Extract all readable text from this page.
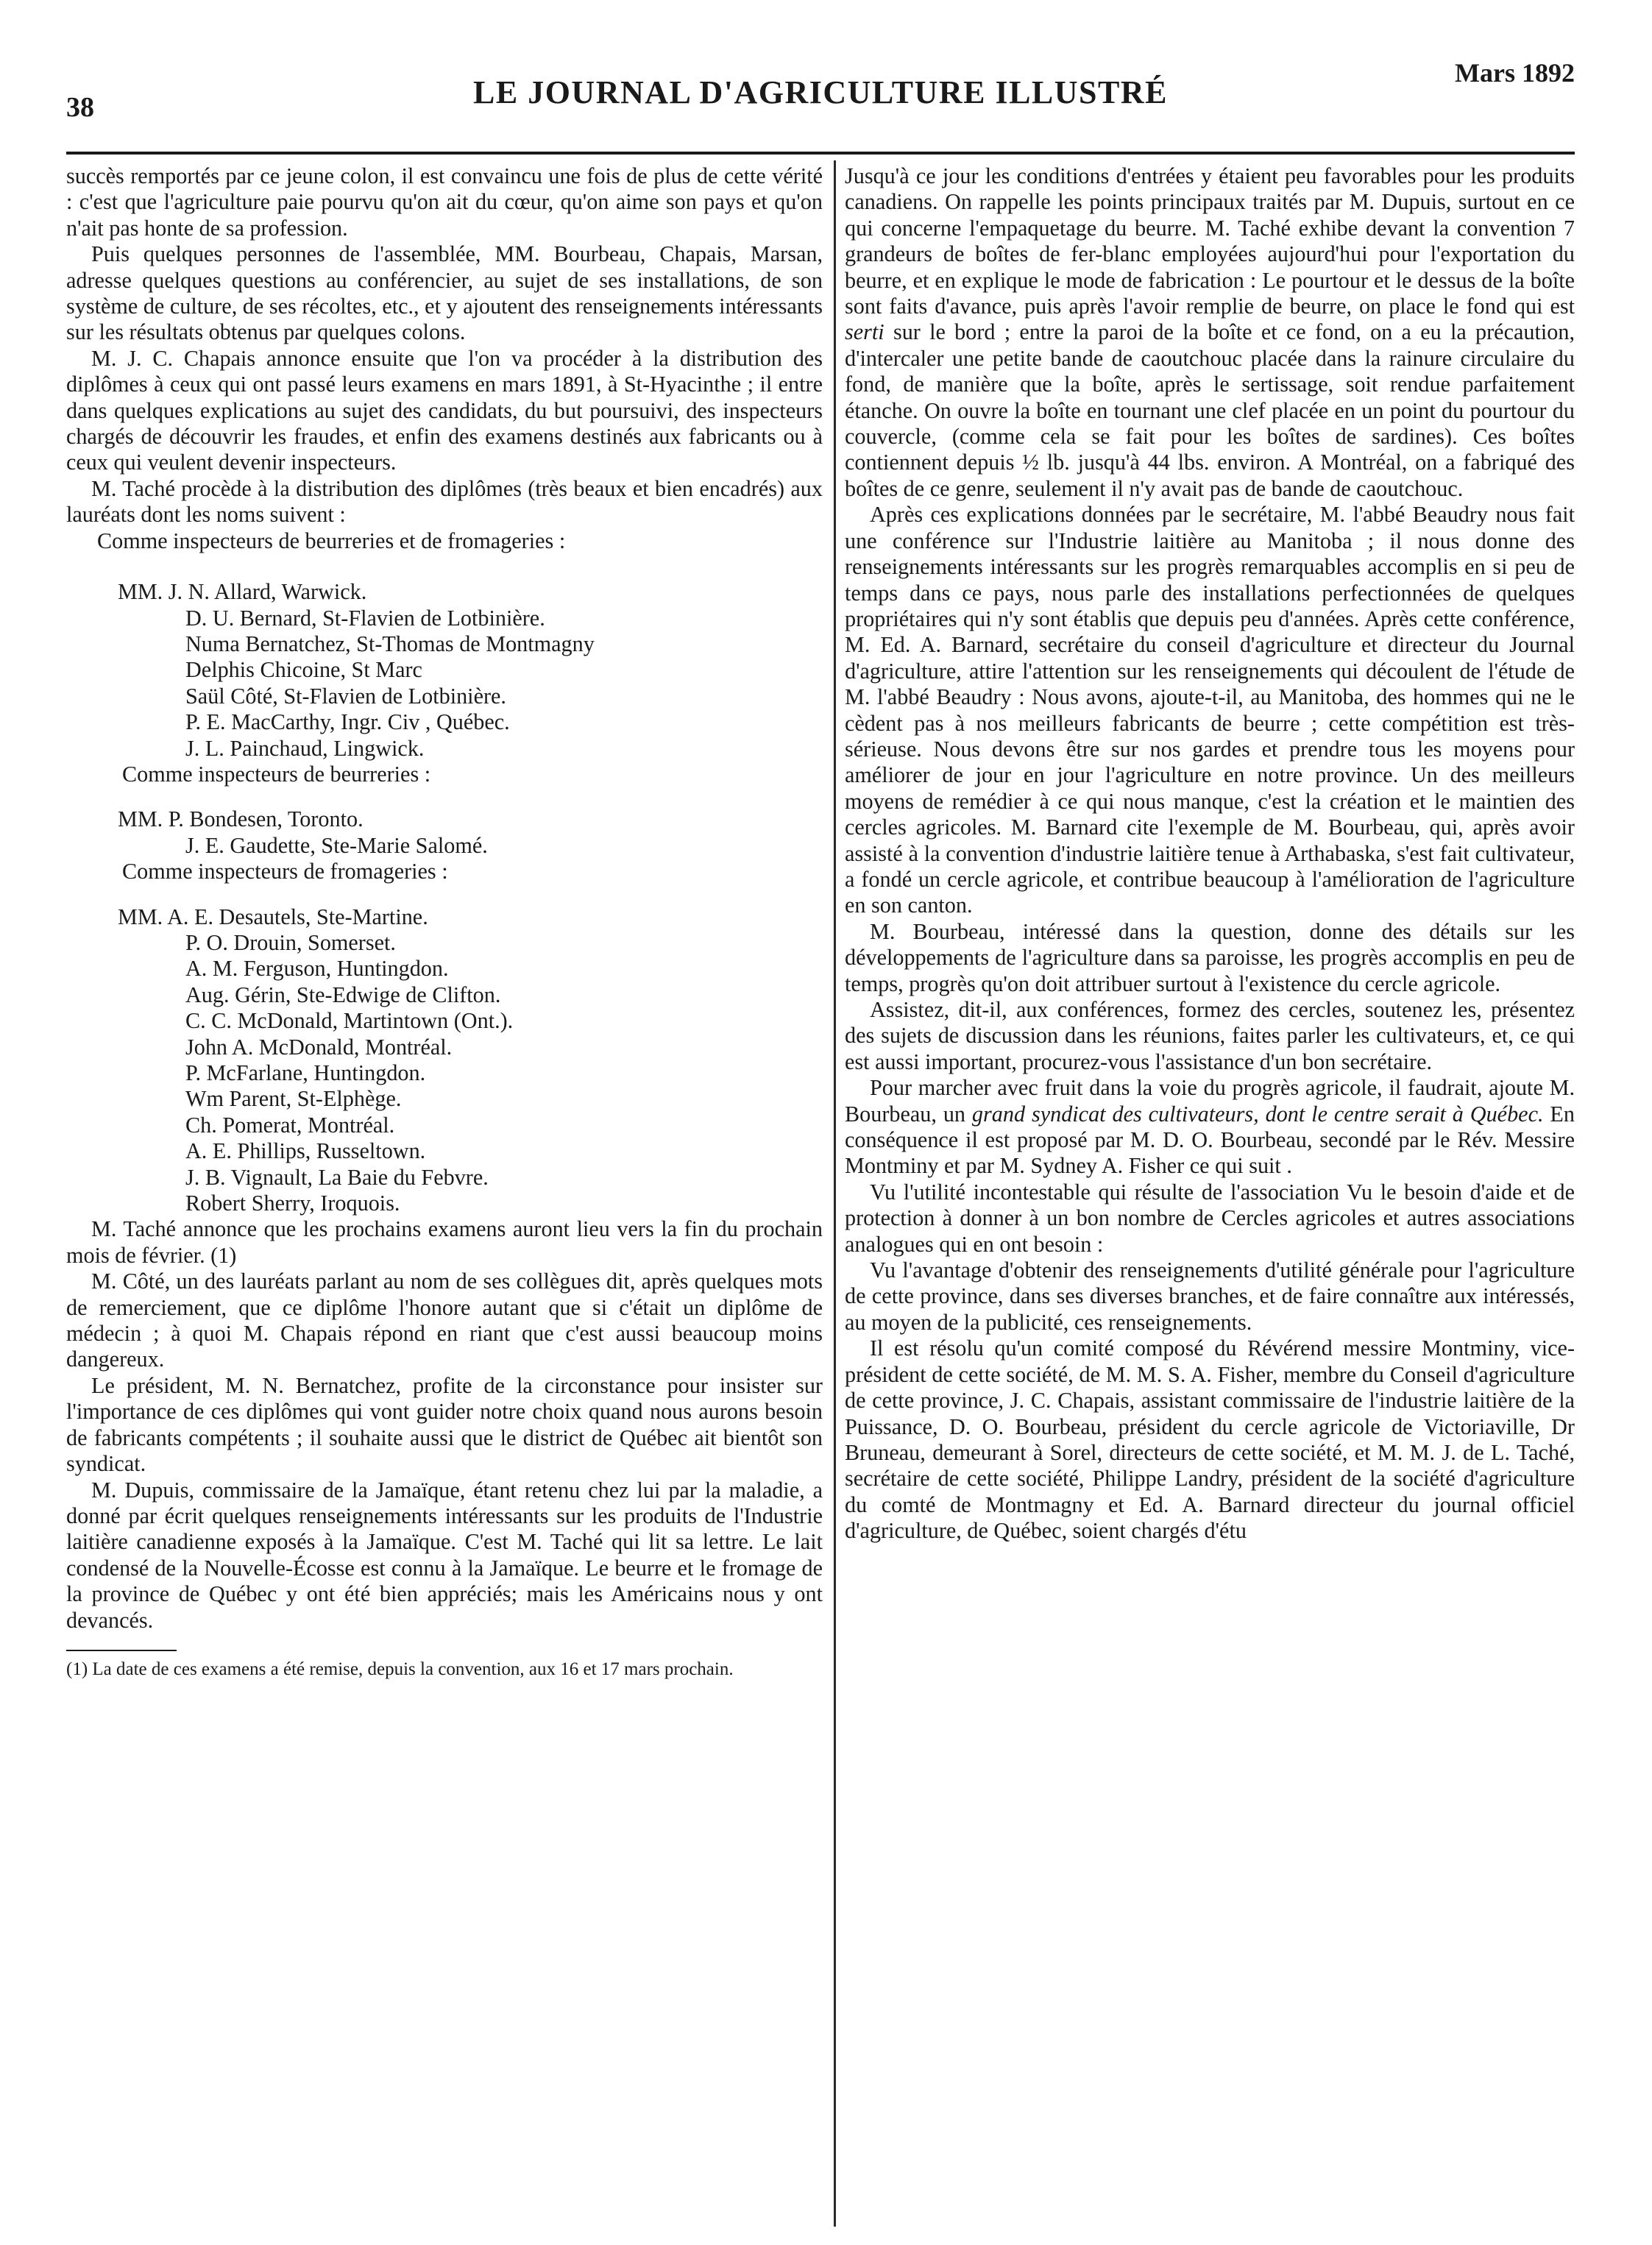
38	LE JOURNAL D'AGRICULTURE ILLUSTRÉ
Mars 1892

succès remportés par ce jeune colon, il est convaincu une fois de plus de cette vérité : c'est que l'agriculture paie pourvu qu'on ait du cœur, qu'on aime son pays et qu'on n'ait pas honte de sa profession.

Puis quelques personnes de l'assemblée, MM. Bourbeau, Chapais, Marsan, adresse quelques questions au conférencier, au sujet de ses installations, de son système de culture, de ses récoltes, etc., et y ajoutent des renseignements intéressants sur les résultats obtenus par quelques colons.

M. J. C. Chapais annonce ensuite que l'on va procéder à la distribution des diplômes à ceux qui ont passé leurs examens en mars 1891, à St-Hyacinthe ; il entre dans quelques explications au sujet des candidats, du but poursuivi, des inspecteurs chargés de découvrir les fraudes, et enfin des examens destinés aux fabricants ou à ceux qui veulent devenir inspecteurs.

M. Taché procède à la distribution des diplômes (très beaux et bien encadrés) aux lauréats dont les noms suivent :

Comme inspecteurs de beurreries et de fromageries :

MM. J. N. Allard, Warwick.
D. U. Bernard, St-Flavien de Lotbinière.
Numa Bernatchez, St-Thomas de Montmagny
Delphis Chicoine, St Marc
Saül Côté, St-Flavien de Lotbinière.
P. E. MacCarthy, Ingr. Civ , Québec.
J. L. Painchaud, Lingwick.

Comme inspecteurs de beurreries :

MM. P. Bondesen, Toronto.
J. E. Gaudette, Ste-Marie Salomé.

Comme inspecteurs de fromageries :

MM. A. E. Desautels, Ste-Martine.
P. O. Drouin, Somerset.
A. M. Ferguson, Huntingdon.
Aug. Gérin, Ste-Edwige de Clifton.
C. C. McDonald, Martintown (Ont.).
John A. McDonald, Montréal.
P. McFarlane, Huntingdon.
Wm Parent, St-Elphège.
Ch. Pomerat, Montréal.
A. E. Phillips, Russeltown.
J. B. Vignault, La Baie du Febvre.
Robert Sherry, Iroquois.

M. Taché annonce que les prochains examens auront lieu vers la fin du prochain mois de février. (1)

M. Côté, un des lauréats parlant au nom de ses collègues dit, après quelques mots de remerciement, que ce diplôme l'honore autant que si c'était un diplôme de médecin ; à quoi M. Chapais répond en riant que c'est aussi beaucoup moins dangereux.

Le président, M. N. Bernatchez, profite de la circonstance pour insister sur l'importance de ces diplômes qui vont guider notre choix quand nous aurons besoin de fabricants compétents ; il souhaite aussi que le district de Québec ait bientôt son syndicat.

M. Dupuis, commissaire de la Jamaïque, étant retenu chez lui par la maladie, a donné par écrit quelques renseignements intéressants sur les produits de l'Industrie laitière canadienne exposés à la Jamaïque. C'est M. Taché qui lit sa lettre. Le lait condensé de la Nouvelle-Écosse est connu à la Jamaïque. Le beurre et le fromage de la province de Québec y ont été bien appréciés; mais les Américains nous y ont devancés.

(1) La date de ces examens a été remise, depuis la convention, aux 16 et 17 mars prochain.

Jusqu'à ce jour les conditions d'entrées y étaient peu favorables pour les produits canadiens. On rappelle les points principaux traités par M. Dupuis, surtout en ce qui concerne l'empaquetage du beurre. M. Taché exhibe devant la convention 7 grandeurs de boîtes de fer-blanc employées aujourd'hui pour l'exportation du beurre, et en explique le mode de fabrication : Le pourtour et le dessus de la boîte sont faits d'avance, puis après l'avoir remplie de beurre, on place le fond qui est serti sur le bord ; entre la paroi de la boîte et ce fond, on a eu la précaution, d'intercaler une petite bande de caoutchouc placée dans la rainure circulaire du fond, de manière que la boîte, après le sertissage, soit rendue parfaitement étanche. On ouvre la boîte en tournant une clef placée en un point du pourtour du couvercle, (comme cela se fait pour les boîtes de sardines). Ces boîtes contiennent depuis ½ lb. jusqu'à 44 lbs. environ. A Montréal, on a fabriqué des boîtes de ce genre, seulement il n'y avait pas de bande de caoutchouc.

Après ces explications données par le secrétaire, M. l'abbé Beaudry nous fait une conférence sur l'Industrie laitière au Manitoba ; il nous donne des renseignements intéressants sur les progrès remarquables accomplis en si peu de temps dans ce pays, nous parle des installations perfectionnées de quelques propriétaires qui n'y sont établis que depuis peu d'années. Après cette conférence, M. Ed. A. Barnard, secrétaire du conseil d'agriculture et directeur du Journal d'agriculture, attire l'attention sur les renseignements qui découlent de l'étude de M. l'abbé Beaudry : Nous avons, ajoute-t-il, au Manitoba, des hommes qui ne le cèdent pas à nos meilleurs fabricants de beurre ; cette compétition est très-sérieuse. Nous devons être sur nos gardes et prendre tous les moyens pour améliorer de jour en jour l'agriculture en notre province. Un des meilleurs moyens de remédier à ce qui nous manque, c'est la création et le maintien des cercles agricoles. M. Barnard cite l'exemple de M. Bourbeau, qui, après avoir assisté à la convention d'industrie laitière tenue à Arthabaska, s'est fait cultivateur, a fondé un cercle agricole, et contribue beaucoup à l'amélioration de l'agriculture en son canton.

M. Bourbeau, intéressé dans la question, donne des détails sur les développements de l'agriculture dans sa paroisse, les progrès accomplis en peu de temps, progrès qu'on doit attribuer surtout à l'existence du cercle agricole.

Assistez, dit-il, aux conférences, formez des cercles, soutenez les, présentez des sujets de discussion dans les réunions, faites parler les cultivateurs, et, ce qui est aussi important, procurez-vous l'assistance d'un bon secrétaire.

Pour marcher avec fruit dans la voie du progrès agricole, il faudrait, ajoute M. Bourbeau, un grand syndicat des cultivateurs, dont le centre serait à Québec. En conséquence il est proposé par M. D. O. Bourbeau, secondé par le Rév. Messire Montminy et par M. Sydney A. Fisher ce qui suit .

Vu l'utilité incontestable qui résulte de l'association Vu le besoin d'aide et de protection à donner à un bon nombre de Cercles agricoles et autres associations analogues qui en ont besoin :

Vu l'avantage d'obtenir des renseignements d'utilité générale pour l'agriculture de cette province, dans ses diverses branches, et de faire connaître aux intéressés, au moyen de la publicité, ces renseignements.

Il est résolu qu'un comité composé du Révérend messire Montminy, vice-président de cette société, de M. M. S. A. Fisher, membre du Conseil d'agriculture de cette province, J. C. Chapais, assistant commissaire de l'industrie laitière de la Puissance, D. O. Bourbeau, président du cercle agricole de Victoriaville, Dr Bruneau, demeurant à Sorel, directeurs de cette société, et M. M. J. de L. Taché, secrétaire de cette société, Philippe Landry, président de la société d'agriculture du comté de Montmagny et Ed. A. Barnard directeur du journal officiel d'agriculture, de Québec, soient chargés d'étu
